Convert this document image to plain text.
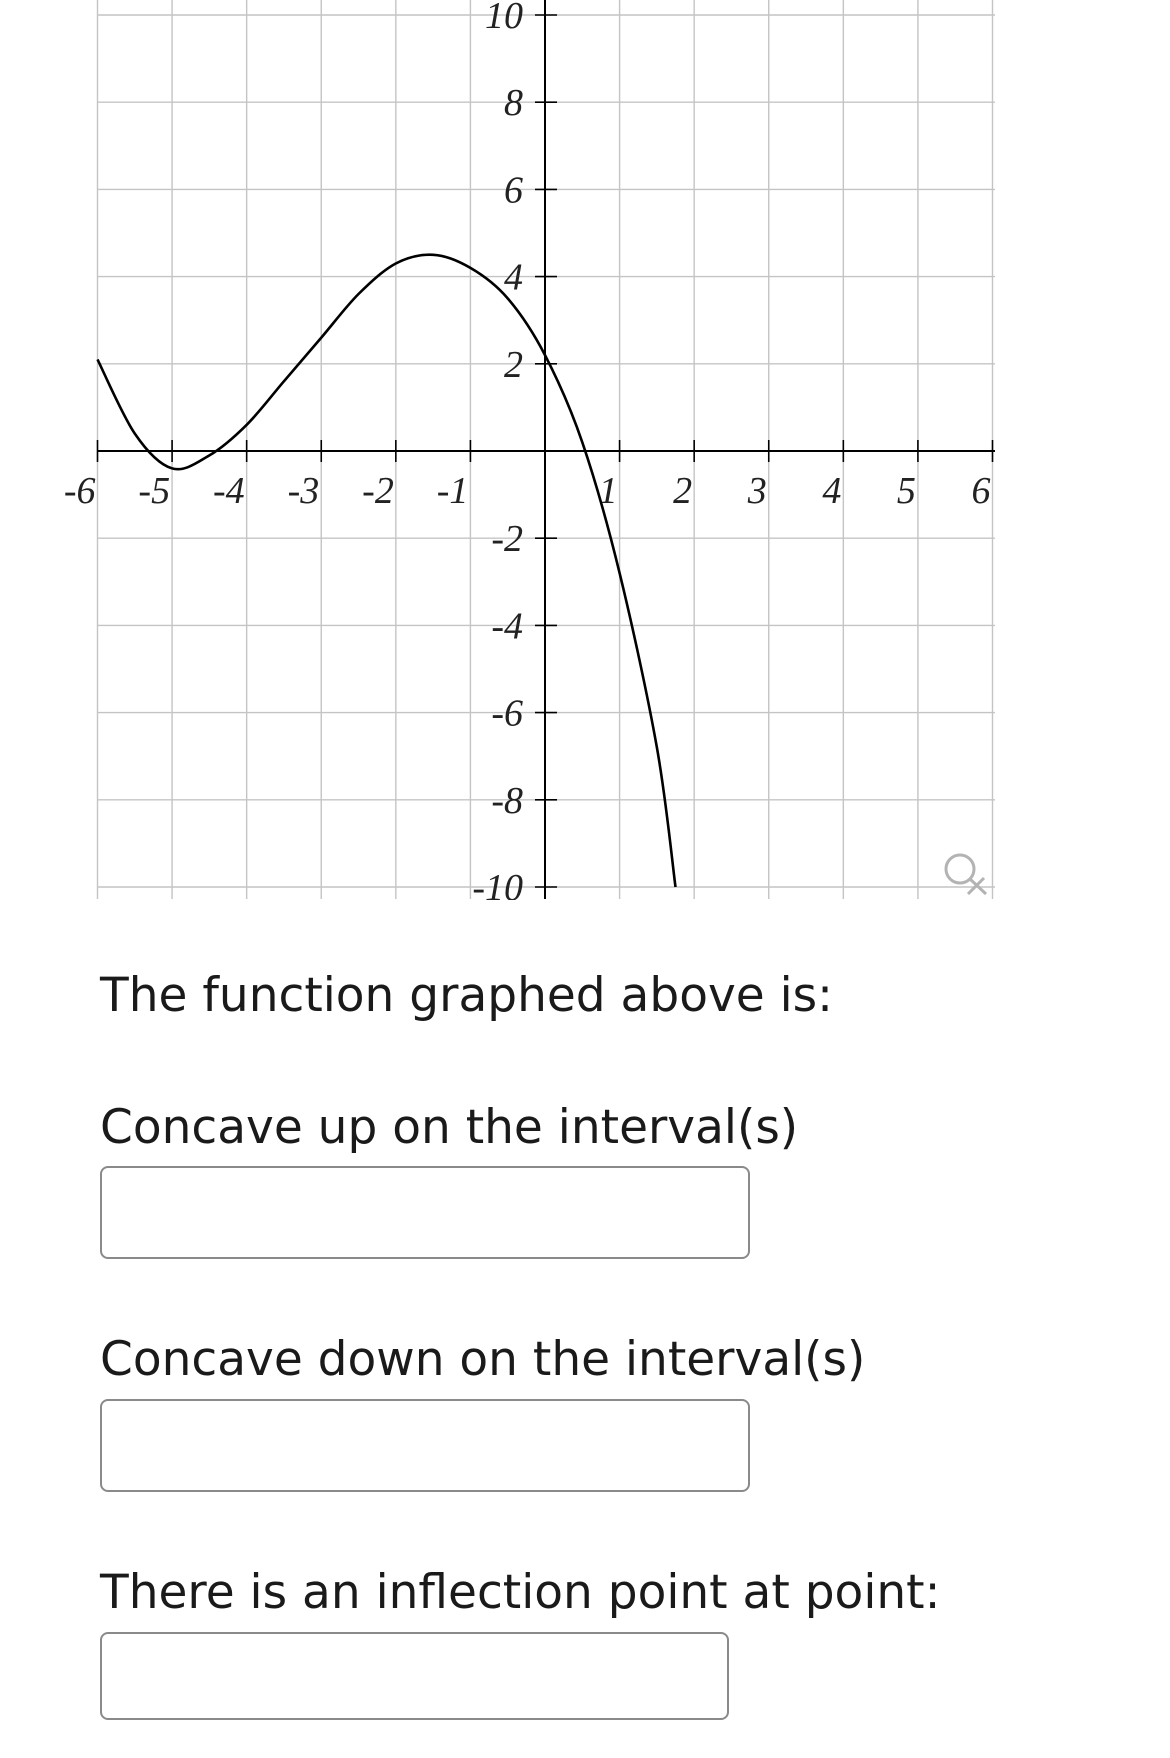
-6 -5 -4 -3 -2 -1	1 2 3 4 5 6
10
8
6
4
2
-2
-4
-6
-8
-10

The function graphed above is:

Concave up on the interval(s)

Concave down on the interval(s)

There is an inflection point at point:
